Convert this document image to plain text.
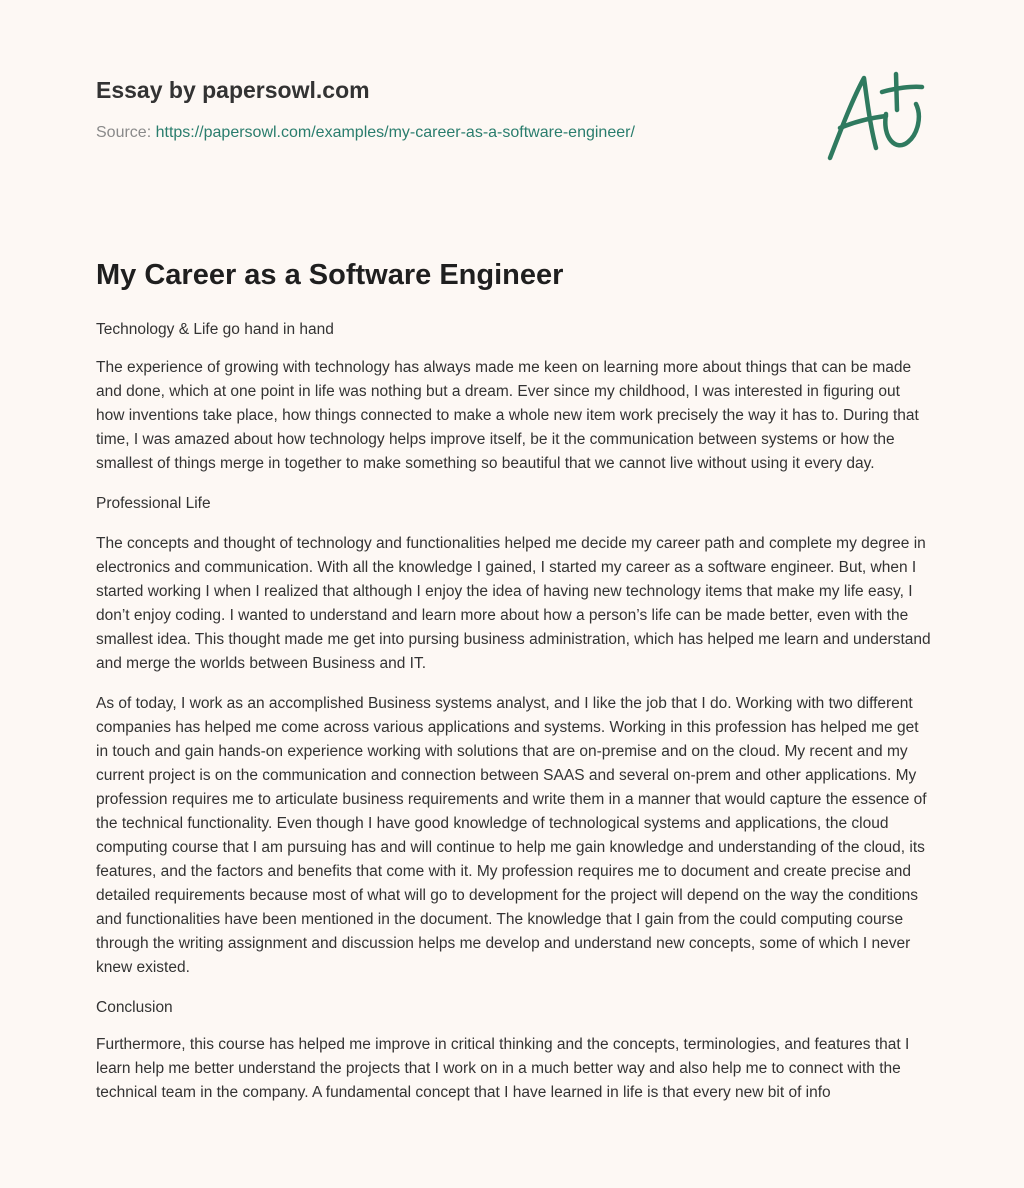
Essay by papersowl.com
Source: https://papersowl.com/examples/my-career-as-a-software-engineer/
My Career as a Software Engineer

Technology & Life go hand in hand

The experience of growing with technology has always made me keen on learning more about things that can be made and done, which at one point in life was nothing but a dream. Ever since my childhood, I was interested in figuring out how inventions take place, how things connected to make a whole new item work precisely the way it has to. During that time, I was amazed about how technology helps improve itself, be it the communication between systems or how the smallest of things merge in together to make something so beautiful that we cannot live without using it every day.

Professional Life

The concepts and thought of technology and functionalities helped me decide my career path and complete my degree in electronics and communication. With all the knowledge I gained, I started my career as a software engineer. But, when I started working I when I realized that although I enjoy the idea of having new technology items that make my life easy, I don’t enjoy coding. I wanted to understand and learn more about how a person’s life can be made better, even with the smallest idea. This thought made me get into pursing business administration, which has helped me learn and understand and merge the worlds between Business and IT.

As of today, I work as an accomplished Business systems analyst, and I like the job that I do. Working with two different companies has helped me come across various applications and systems. Working in this profession has helped me get in touch and gain hands-on experience working with solutions that are on-premise and on the cloud. My recent and my current project is on the communication and connection between SAAS and several on-prem and other applications. My profession requires me to articulate business requirements and write them in a manner that would capture the essence of the technical functionality. Even though I have good knowledge of technological systems and applications, the cloud computing course that I am pursuing has and will continue to help me gain knowledge and understanding of the cloud, its features, and the factors and benefits that come with it. My profession requires me to document and create precise and detailed requirements because most of what will go to development for the project will depend on the way the conditions and functionalities have been mentioned in the document. The knowledge that I gain from the could computing course through the writing assignment and discussion helps me develop and understand new concepts, some of which I never knew existed.

Conclusion

Furthermore, this course has helped me improve in critical thinking and the concepts, terminologies, and features that I learn help me better understand the projects that I work on in a much better way and also help me to connect with the technical team in the company. A fundamental concept that I have learned in life is that every new bit of info
